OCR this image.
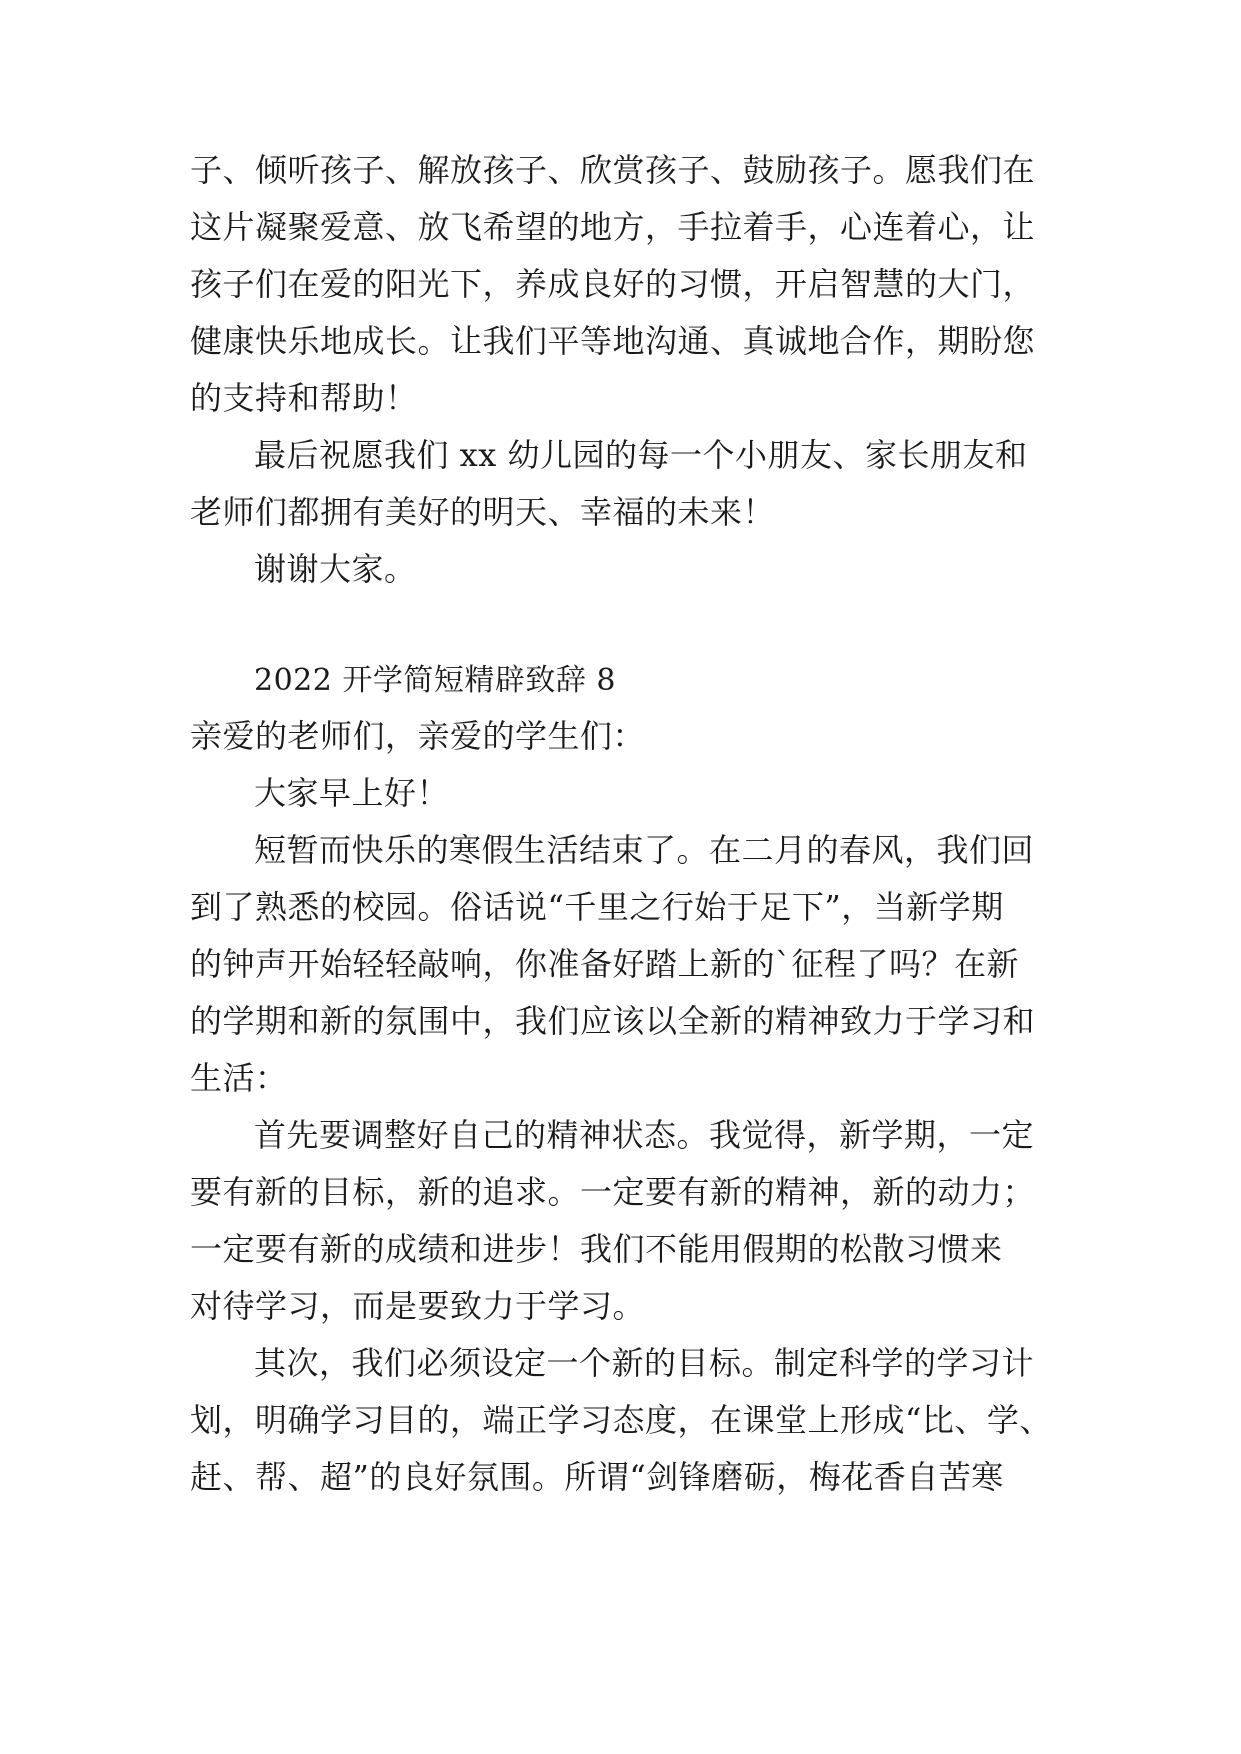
子、倾听孩子、解放孩子、欣赏孩子、鼓励孩子。愿我们在
这片凝聚爱意、放飞希望的地方，手拉着手，心连着心，让
孩子们在爱的阳光下，养成良好的习惯，开启智慧的大门，
健康快乐地成长。让我们平等地沟通、真诚地合作，期盼您
的支持和帮助！
最后祝愿我们 xx 幼儿园的每一个小朋友、家长朋友和
老师们都拥有美好的明天、幸福的未来！
谢谢大家。
2022 开学简短精辟致辞 8
亲爱的老师们，亲爱的学生们：
大家早上好！
短暂而快乐的寒假生活结束了。在二月的春风，我们回
到了熟悉的校园。俗话说“千里之行始于足下”，当新学期
的钟声开始轻轻敲响，你准备好踏上新的`征程了吗？在新
的学期和新的氛围中，我们应该以全新的精神致力于学习和
生活：
首先要调整好自己的精神状态。我觉得，新学期，一定
要有新的目标，新的追求。一定要有新的精神，新的动力；
一定要有新的成绩和进步！我们不能用假期的松散习惯来
对待学习，而是要致力于学习。
其次，我们必须设定一个新的目标。制定科学的学习计
划，明确学习目的，端正学习态度，在课堂上形成“比、学、
赶、帮、超”的良好氛围。所谓“剑锋磨砺，梅花香自苦寒
